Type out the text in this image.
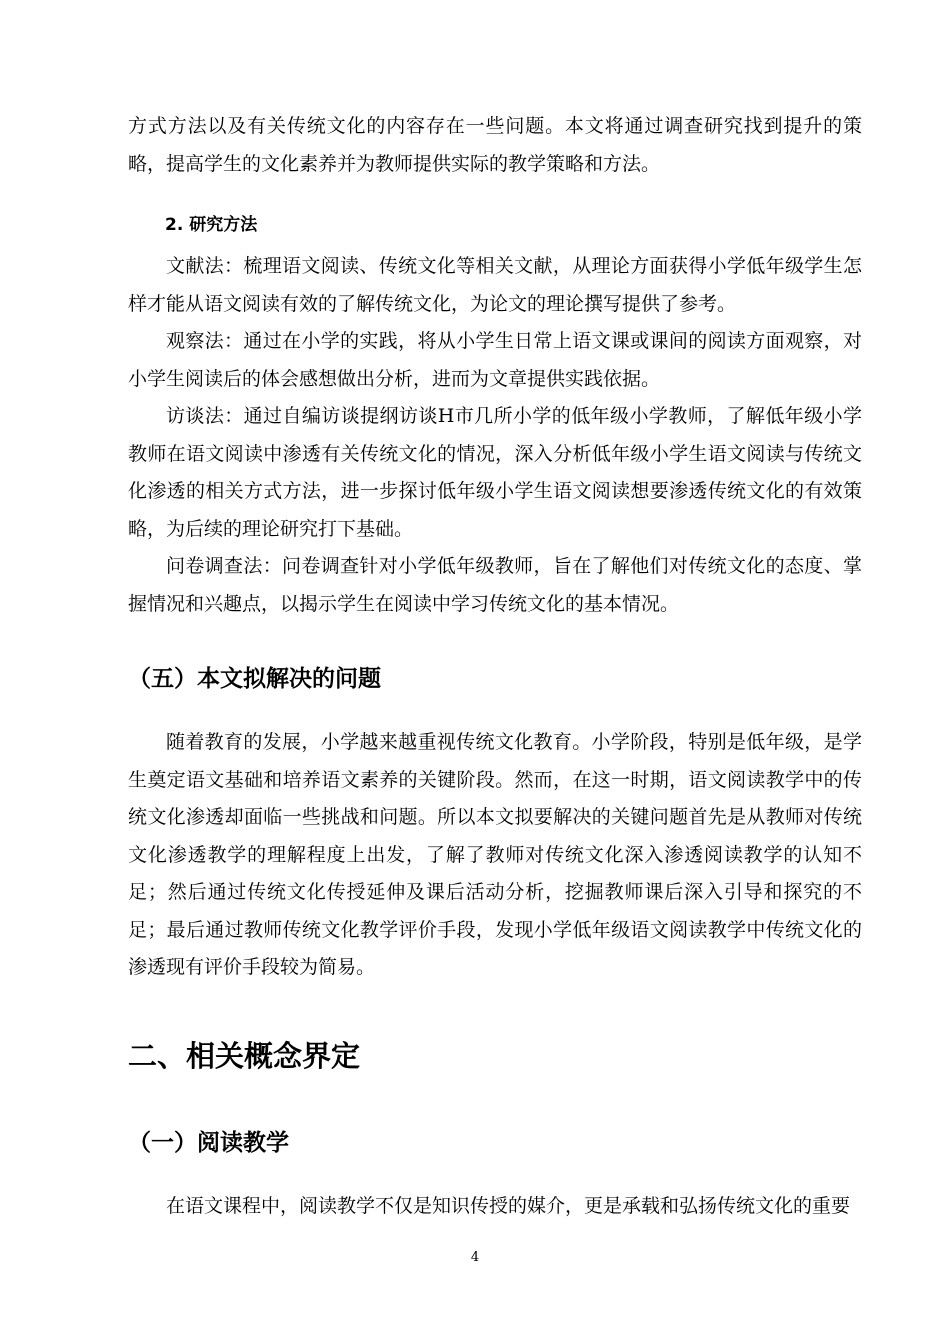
方式方法以及有关传统文化的内容存在一些问题。本文将通过调查研究找到提升的策略，提高学生的文化素养并为教师提供实际的教学策略和方法。

2. 研究方法

文献法：梳理语文阅读、传统文化等相关文献，从理论方面获得小学低年级学生怎样才能从语文阅读有效的了解传统文化，为论文的理论撰写提供了参考。

观察法：通过在小学的实践，将从小学生日常上语文课或课间的阅读方面观察，对小学生阅读后的体会感想做出分析，进而为文章提供实践依据。

访谈法：通过自编访谈提纲访谈H市几所小学的低年级小学教师，了解低年级小学教师在语文阅读中渗透有关传统文化的情况，深入分析低年级小学生语文阅读与传统文化渗透的相关方式方法，进一步探讨低年级小学生语文阅读想要渗透传统文化的有效策略，为后续的理论研究打下基础。

问卷调查法：问卷调查针对小学低年级教师，旨在了解他们对传统文化的态度、掌握情况和兴趣点，以揭示学生在阅读中学习传统文化的基本情况。

（五）本文拟解决的问题

随着教育的发展，小学越来越重视传统文化教育。小学阶段，特别是低年级，是学生奠定语文基础和培养语文素养的关键阶段。然而，在这一时期，语文阅读教学中的传统文化渗透却面临一些挑战和问题。所以本文拟要解决的关键问题首先是从教师对传统文化渗透教学的理解程度上出发，了解了教师对传统文化深入渗透阅读教学的认知不足；然后通过传统文化传授延伸及课后活动分析，挖掘教师课后深入引导和探究的不足；最后通过教师传统文化教学评价手段，发现小学低年级语文阅读教学中传统文化的渗透现有评价手段较为简易。

二、相关概念界定

（一）阅读教学

在语文课程中，阅读教学不仅是知识传授的媒介，更是承载和弘扬传统文化的重要

4
